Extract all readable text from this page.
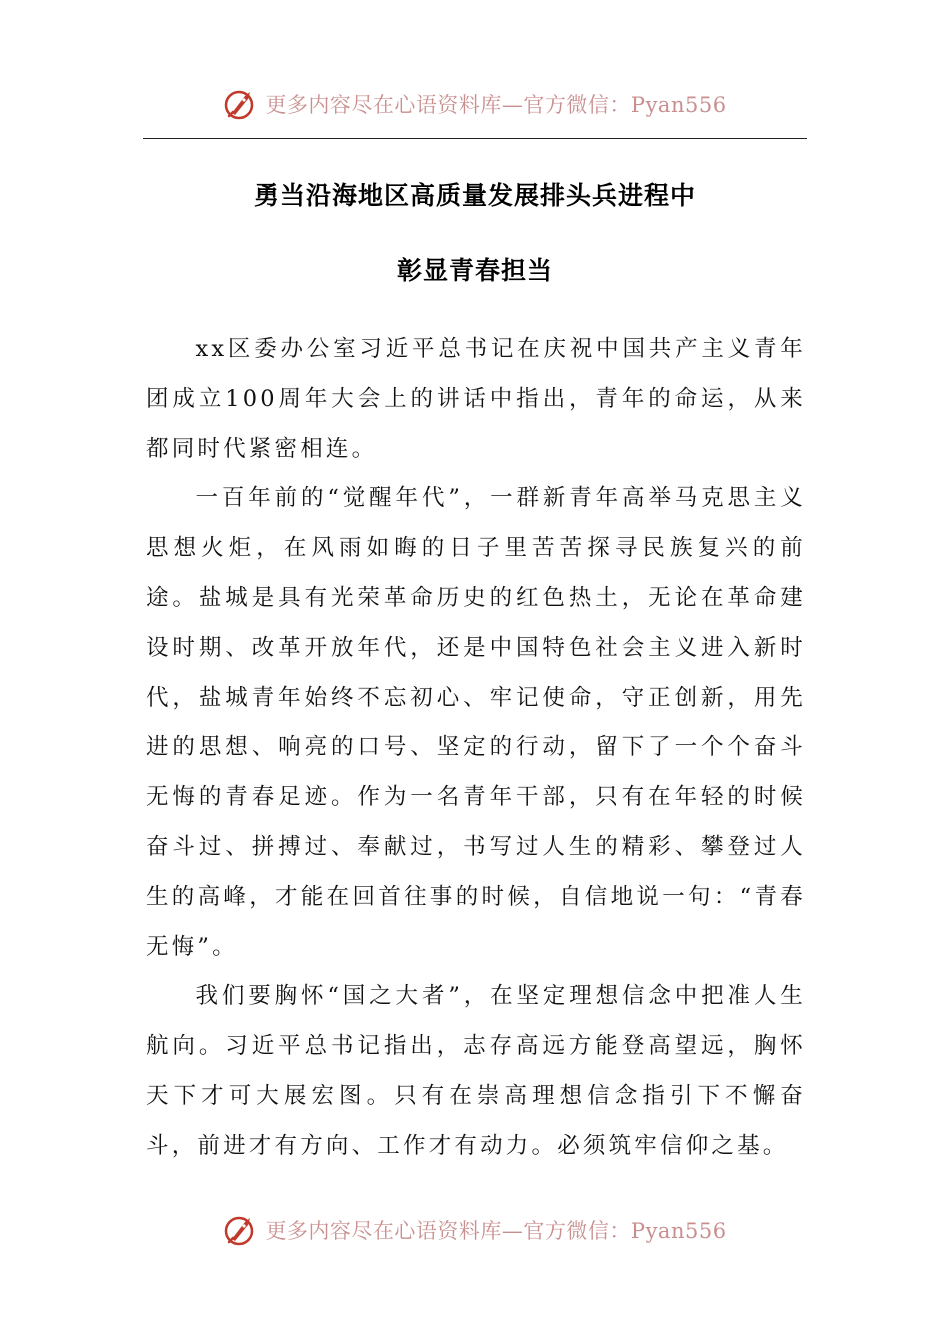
更多内容尽在心语资料库—官方微信：Pyan556
勇当沿海地区高质量发展排头兵进程中
彰显青春担当

xx区委办公室习近平总书记在庆祝中国共产主义青年团成立100周年大会上的讲话中指出，青年的命运，从来都同时代紧密相连。

一百年前的“觉醒年代”，一群新青年高举马克思主义思想火炬，在风雨如晦的日子里苦苦探寻民族复兴的前途。盐城是具有光荣革命历史的红色热土，无论在革命建设时期、改革开放年代，还是中国特色社会主义进入新时代，盐城青年始终不忘初心、牢记使命，守正创新，用先进的思想、响亮的口号、坚定的行动，留下了一个个奋斗无悔的青春足迹。作为一名青年干部，只有在年轻的时候奋斗过、拼搏过、奉献过，书写过人生的精彩、攀登过人生的高峰，才能在回首往事的时候，自信地说一句：“青春无悔”。

我们要胸怀“国之大者”，在坚定理想信念中把准人生航向。习近平总书记指出，志存高远方能登高望远，胸怀天下才可大展宏图。只有在崇高理想信念指引下不懈奋斗，前进才有方向、工作才有动力。必须筑牢信仰之基。

更多内容尽在心语资料库—官方微信：Pyan556
